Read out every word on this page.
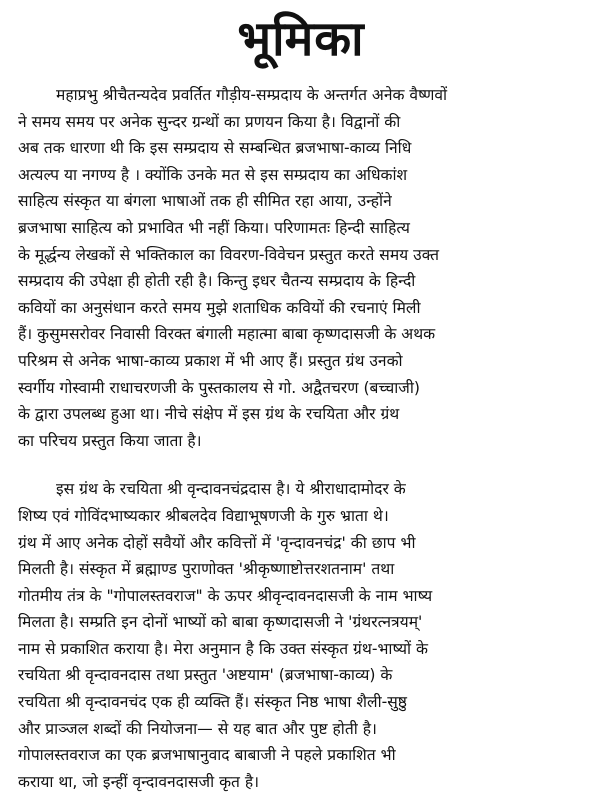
भूमिका
महाप्रभु श्रीचैतन्यदेव प्रवर्तित गौड़ीय-सम्प्रदाय के अन्तर्गत अनेक वैष्णवों
ने समय समय पर अनेक सुन्दर ग्रन्थों का प्रणयन किया है। विद्वानों की
अब तक धारणा थी कि इस सम्प्रदाय से सम्बन्धित ब्रजभाषा-काव्य निधि
अत्यल्प या नगण्य है । क्योंकि उनके मत से इस सम्प्रदाय का अधिकांश
साहित्य संस्कृत या बंगला भाषाओं तक ही सीमित रहा आया, उन्होंने
ब्रजभाषा साहित्य को प्रभावित भी नहीं किया। परिणामतः हिन्दी साहित्य
के मूर्द्धन्य लेखकों से भक्तिकाल का विवरण-विवेचन प्रस्तुत करते समय उक्त
सम्प्रदाय की उपेक्षा ही होती रही है। किन्तु इधर चैतन्य सम्प्रदाय के हिन्दी
कवियों का अनुसंधान करते समय मुझे शताधिक कवियों की रचनाएं मिली
हैं। कुसुमसरोवर निवासी विरक्त बंगाली महात्मा बाबा कृष्णदासजी के अथक
परिश्रम से अनेक भाषा-काव्य प्रकाश में भी आए हैं। प्रस्तुत ग्रंथ उनको
स्वर्गीय गोस्वामी राधाचरणजी के पुस्तकालय से गो. अद्वैतचरण (बच्चाजी)
के द्वारा उपलब्ध हुआ था। नीचे संक्षेप में इस ग्रंथ के रचयिता और ग्रंथ
का परिचय प्रस्तुत किया जाता है।
इस ग्रंथ के रचयिता श्री वृन्दावनचंद्रदास है। ये श्रीराधादामोदर के
शिष्य एवं गोविंदभाष्यकार श्रीबलदेव विद्याभूषणजी के गुरु भ्राता थे।
ग्रंथ में आए अनेक दोहों सवैयों और कवित्तों में 'वृन्दावनचंद्र' की छाप भी
मिलती है। संस्कृत में ब्रह्माण्ड पुराणोक्त 'श्रीकृष्णाष्टोत्तरशतनाम' तथा
गोतमीय तंत्र के "गोपालस्तवराज" के ऊपर श्रीवृन्दावनदासजी के नाम भाष्य
मिलता है। सम्प्रति इन दोनों भाष्यों को बाबा कृष्णदासजी ने 'ग्रंथरत्नत्रयम्'
नाम से प्रकाशित कराया है। मेरा अनुमान है कि उक्त संस्कृत ग्रंथ-भाष्यों के
रचयिता श्री वृन्दावनदास तथा प्रस्तुत 'अष्टयाम' (ब्रजभाषा-काव्य) के
रचयिता श्री वृन्दावनचंद एक ही व्यक्ति हैं। संस्कृत निष्ठ भाषा शैली-सुष्ठु
और प्राञ्जल शब्दों की नियोजना— से यह बात और पुष्ट होती है।
गोपालस्तवराज का एक ब्रजभाषानुवाद बाबाजी ने पहले प्रकाशित भी
कराया था, जो इन्हीं वृन्दावनदासजी कृत है।
